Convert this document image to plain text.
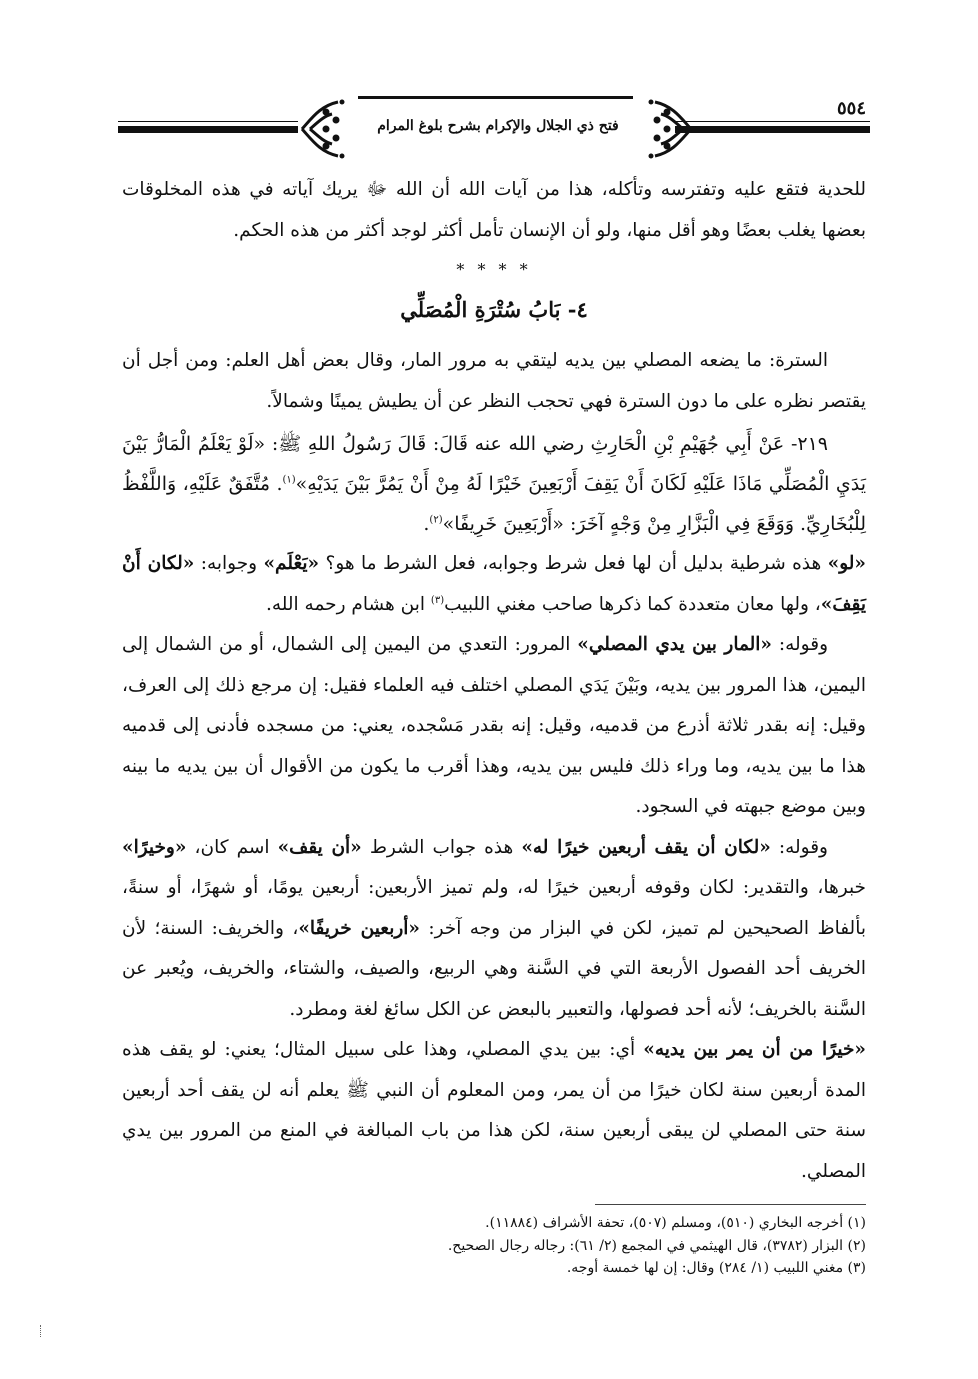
فتح ذي الجلال والإكرام بشرح بلوغ المرام
٥٥٤

للحدية فتقع عليه وتفترسه وتأكله، هذا من آيات الله أن الله ﷻ يريك آياته في هذه المخلوقات بعضها يغلب بعضًا وهو أقل منها، ولو أن الإنسان تأمل أكثر لوجد أكثر من هذه الحكم.

* * * *

٤- بَابُ سُتْرَةِ الْمُصَلِّي

السترة: ما يضعه المصلي بين يديه ليتقي به مرور المار، وقال بعض أهل العلم: ومن أجل أن يقتصر نظره على ما دون السترة فهي تحجب النظر عن أن يطيش يمينًا وشمالاً.

٢١٩- عَنْ أَبِي جُهَيْمِ بْنِ الْحَارِثِ رضي الله عنه قَالَ: قَالَ رَسُولُ اللهِ ﷺ: «لَوْ يَعْلَمُ الْمَارُّ بَيْنَ يَدَيِ الْمُصَلِّي مَاذَا عَلَيْهِ لَكَانَ أَنْ يَقِفَ أَرْبَعِينَ خَيْرًا لَهُ مِنْ أَنْ يَمُرَّ بَيْنَ يَدَيْهِ»$^{(١)}$. مُتَّفَقٌ عَلَيْهِ، وَاللَّفْظُ لِلْبُخَارِيِّ. وَوَقَعَ فِي الْبَزَّارِ مِنْ وَجْهٍ آخَرَ: «أَرْبَعِينَ خَرِيفًا»$^{(٢)}$.

«لو» هذه شرطية بدليل أن لها فعل شرط وجوابه، فعل الشرط ما هو؟ «يَعْلَم» وجوابه: «لكان أَنْ يَقِفَ»، ولها معان متعددة كما ذكرها صاحب مغني اللبيب$^{(٣)}$ ابن هشام رحمه الله.

وقوله: «المار بين يدي المصلي» المرور: التعدي من اليمين إلى الشمال، أو من الشمال إلى اليمين، هذا المرور بين يديه، وبَيْنَ يَدَي المصلي اختلف فيه العلماء فقيل: إن مرجع ذلك إلى العرف، وقيل: إنه بقدر ثلاثة أذرع من قدميه، وقيل: إنه بقدر مَسْجده، يعني: من مسجده فأدنى إلى قدميه هذا ما بين يديه، وما وراء ذلك فليس بين يديه، وهذا أقرب ما يكون من الأقوال أن بين يديه ما بينه وبين موضع جبهته في السجود.

وقوله: «لكان أن يقف أربعين خيرًا له» هذه جواب الشرط «أن يقف» اسم كان، «وخيرًا» خبرها، والتقدير: لكان وقوفه أربعين خيرًا له، ولم تميز الأربعين: أربعين يومًا، أو شهرًا، أو سنةً، بألفاظ الصحيحين لم تميز، لكن في البزار من وجه آخر: «أربعين خريفًا»، والخريف: السنة؛ لأن الخريف أحد الفصول الأربعة التي في السَّنة وهي الربيع، والصيف، والشتاء، والخريف، ويُعبر عن السَّنة بالخريف؛ لأنه أحد فصولها، والتعبير بالبعض عن الكل سائغ لغة ومطرد.

«خيرًا من أن يمر بين يديه» أي: بين يدي المصلي، وهذا على سبيل المثال؛ يعني: لو يقف هذه المدة أربعين سنة لكان خيرًا من أن يمر، ومن المعلوم أن النبي ﷺ يعلم أنه لن يقف أحد أربعين سنة حتى المصلي لن يبقى أربعين سنة، لكن هذا من باب المبالغة في المنع من المرور بين يدي المصلي.

(١) أخرجه البخاري (٥١٠)، ومسلم (٥٠٧)، تحفة الأشراف (١١٨٨٤).
(٢) البزار (٣٧٨٢)، قال الهيثمي في المجمع (٢/ ٦١): رجاله رجال الصحيح.
(٣) مغني اللبيب (١/ ٢٨٤) وقال: إن لها خمسة أوجه.
